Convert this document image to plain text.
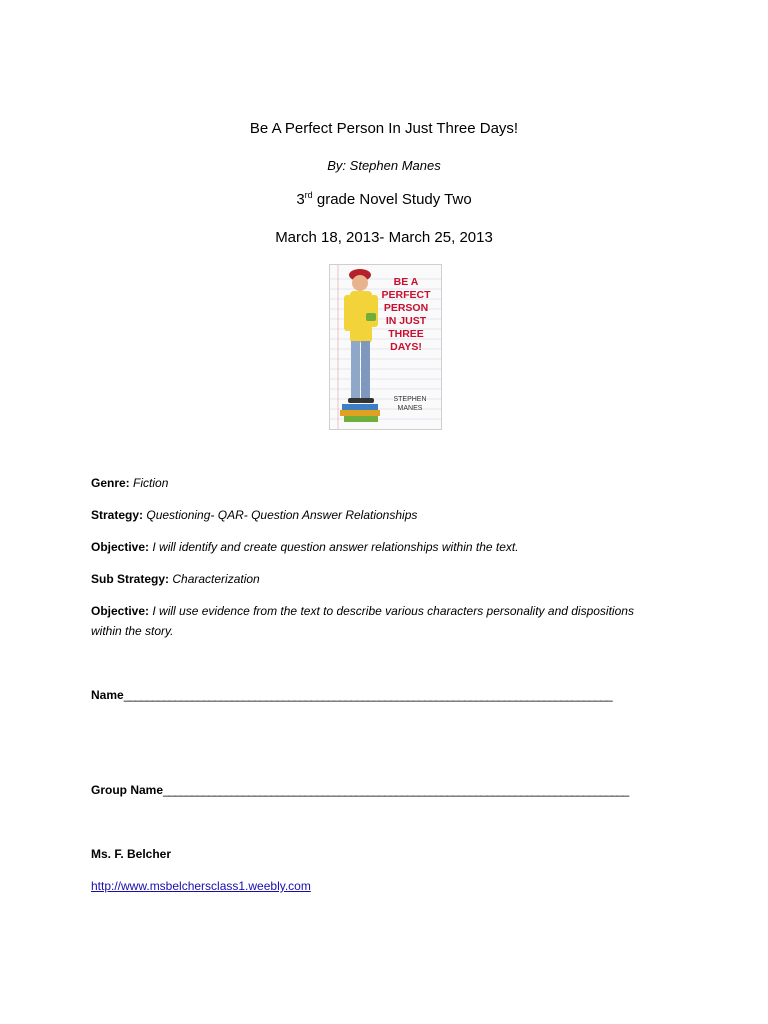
Be A Perfect Person In Just Three Days!
By: Stephen Manes
3rd grade Novel Study Two
March 18, 2013- March 25, 2013
BE A
PERFECT
PERSON
IN JUST
THREE
DAYS!
STEPHEN
MANES
Genre: Fiction
Strategy: Questioning- QAR- Question Answer Relationships
Objective: I will identify and create question answer relationships within the text.
Sub Strategy: Characterization
Objective: I will use evidence from the text to describe various characters personality and dispositions
within the story.
Name______________________________________________________________________________________
Group Name__________________________________________________________________________________
Ms. F. Belcher
http://www.msbelchersclass1.weebly.com
